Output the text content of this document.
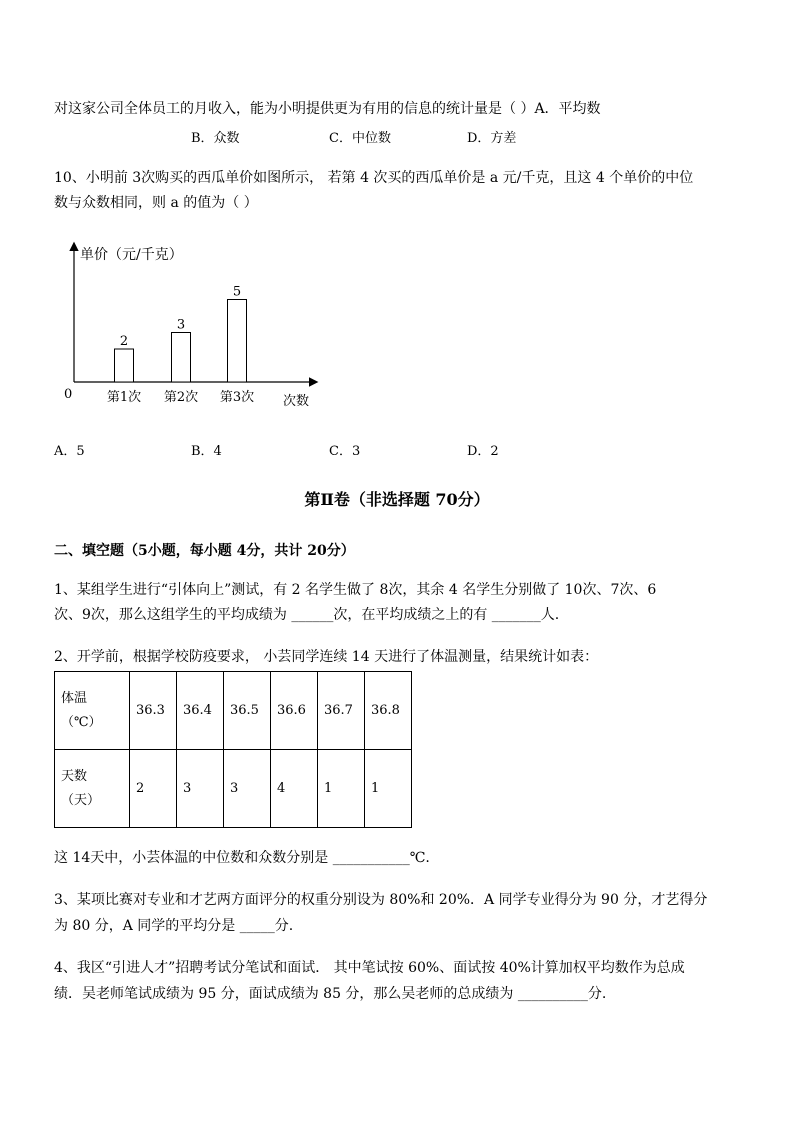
对这家公司全体员工的月收入，能为小明提供更为有用的信息的统计量是（ ）A．平均数
B．众数	C．中位数	D．方差
10、小明前 3次购买的西瓜单价如图所示， 若第 4 次买的西瓜单价是 a 元/千克，且这 4 个单价的中位
数与众数相同，则 a 的值为（ ）
单价（元/千克）
次数
0
2
第1次
3
第2次
5
第3次
A．5	B．4	C．3	D．2
第Ⅱ卷（非选择题 70分）
二、填空题（5小题，每小题 4分，共计 20分）
1、某组学生进行“引体向上”测试，有 2 名学生做了 8次，其余 4 名学生分别做了 10次、7次、6
次、9次，那么这组学生的平均成绩为 ______次，在平均成绩之上的有 _______人.
2、开学前，根据学校防疫要求， 小芸同学连续 14 天进行了体温测量，结果统计如表：
体温
（℃）	36.3	36.4	36.5	36.6	36.7	36.8

天数
（天）	2	3	3	4	1	1
这 14天中，小芸体温的中位数和众数分别是 ___________℃.
3、某项比赛对专业和才艺两方面评分的权重分别设为 80%和 20%．A 同学专业得分为 90 分，才艺得分
为 80 分，A 同学的平均分是 _____分.
4、我区“引进人才”招聘考试分笔试和面试． 其中笔试按 60%、面试按 40%计算加权平均数作为总成
绩．吴老师笔试成绩为 95 分，面试成绩为 85 分，那么吴老师的总成绩为 __________分.
